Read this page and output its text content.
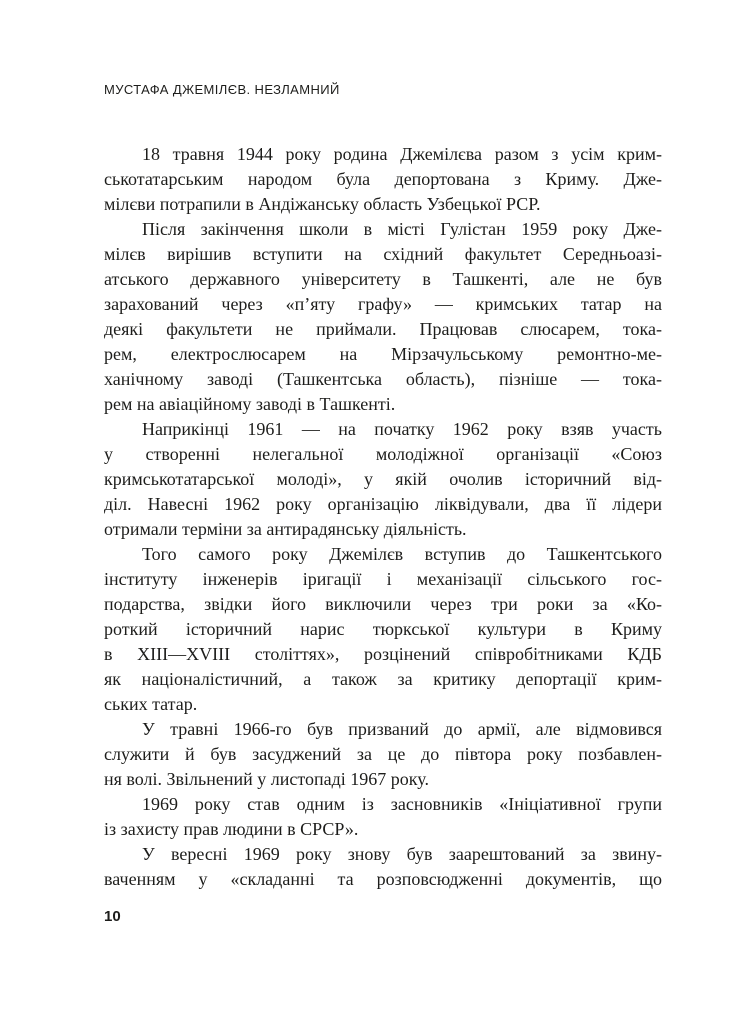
МУСТАФА ДЖЕМІЛЄВ. НЕЗЛАМНИЙ
18 травня 1944 року родина Джемілєва разом з усім крим-
ськотатарським народом була депортована з Криму. Дже-
мілєви потрапили в Андіжанську область Узбецької РСР.
Після закінчення школи в місті Гулістан 1959 року Дже-
мілєв вирішив вступити на східний факультет Середньоазі-
атського державного університету в Ташкенті, але не був
зарахований через «п’яту графу» — кримських татар на
деякі факультети не приймали. Працював слюсарем, тока-
рем, електрослюсарем на Мірзачульському ремонтно-ме-
ханічному заводі (Ташкентська область), пізніше — тока-
рем на авіаційному заводі в Ташкенті.
Наприкінці 1961 — на початку 1962 року взяв участь
у створенні нелегальної молодіжної організації «Союз
кримськотатарської молоді», у якій очолив історичний від-
діл. Навесні 1962 року організацію ліквідували, два її лідери
отримали терміни за антирадянську діяльність.
Того самого року Джемілєв вступив до Ташкентського
інституту інженерів іригації і механізації сільського гос-
подарства, звідки його виключили через три роки за «Ко-
роткий історичний нарис тюркської культури в Криму
в XIII—XVIII століттях», розцінений співробітниками КДБ
як націоналістичний, а також за критику депортації крим-
ських татар.
У травні 1966-го був призваний до армії, але відмовився
служити й був засуджений за це до півтора року позбавлен-
ня волі. Звільнений у листопаді 1967 року.
1969 року став одним із засновників «Ініціативної групи
із захисту прав людини в СРСР».
У вересні 1969 року знову був заарештований за звину-
ваченням у «складанні та розповсюдженні документів, що
10
